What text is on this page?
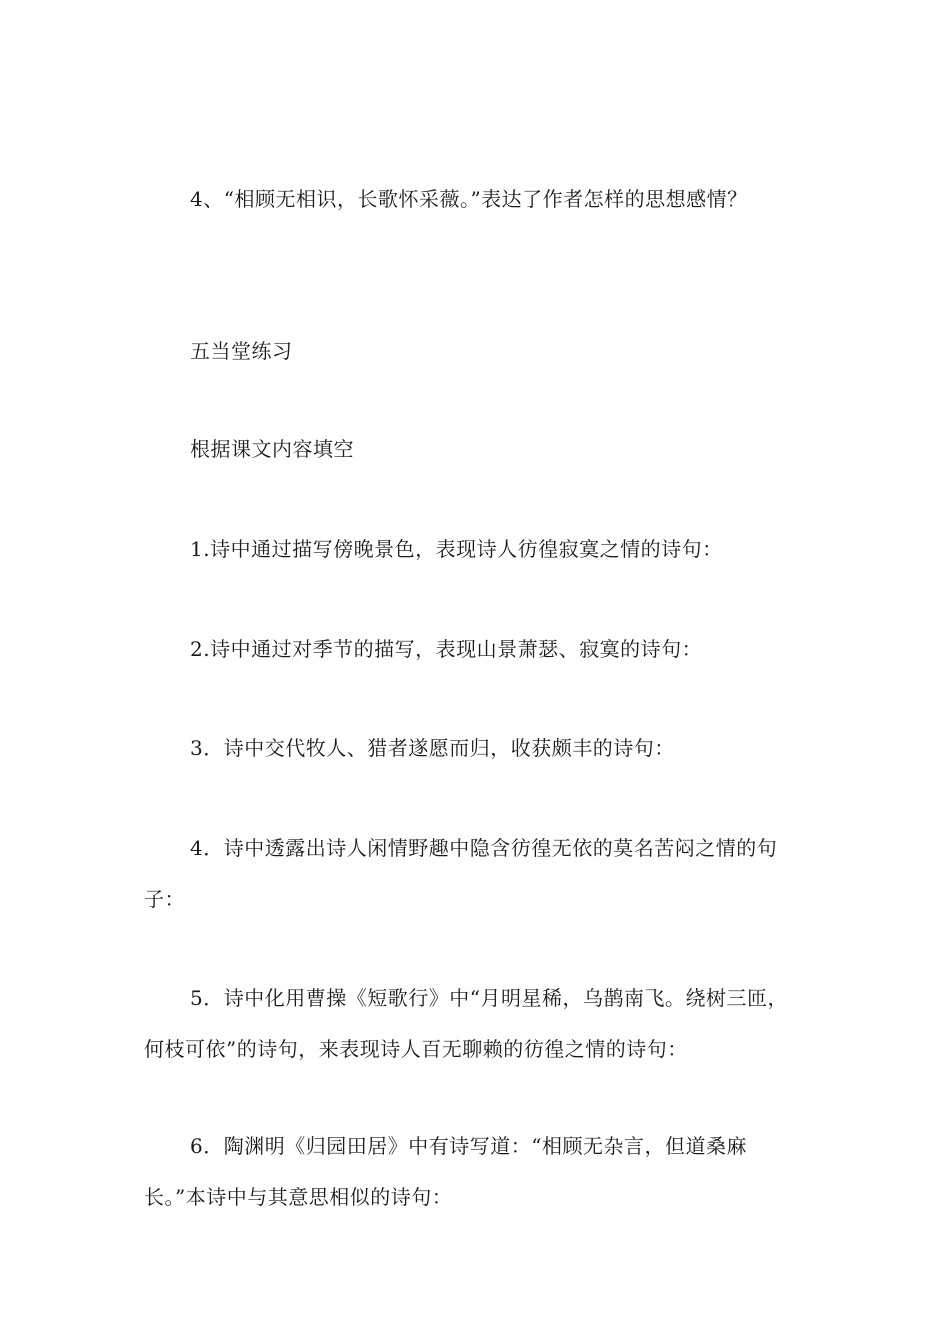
4、“相顾无相识，长歌怀采薇。”表达了作者怎样的思想感情？

五当堂练习

根据课文内容填空

1.诗中通过描写傍晚景色，表现诗人彷徨寂寞之情的诗句：

2.诗中通过对季节的描写，表现山景萧瑟、寂寞的诗句：

3．诗中交代牧人、猎者遂愿而归，收获颇丰的诗句：

4．诗中透露出诗人闲情野趣中隐含彷徨无依的莫名苦闷之情的句子：

5．诗中化用曹操《短歌行》中“月明星稀，乌鹊南飞。绕树三匝，何枝可依”的诗句，来表现诗人百无聊赖的彷徨之情的诗句：

6．陶渊明《归园田居》中有诗写道：“相顾无杂言，但道桑麻长。”本诗中与其意思相似的诗句：
